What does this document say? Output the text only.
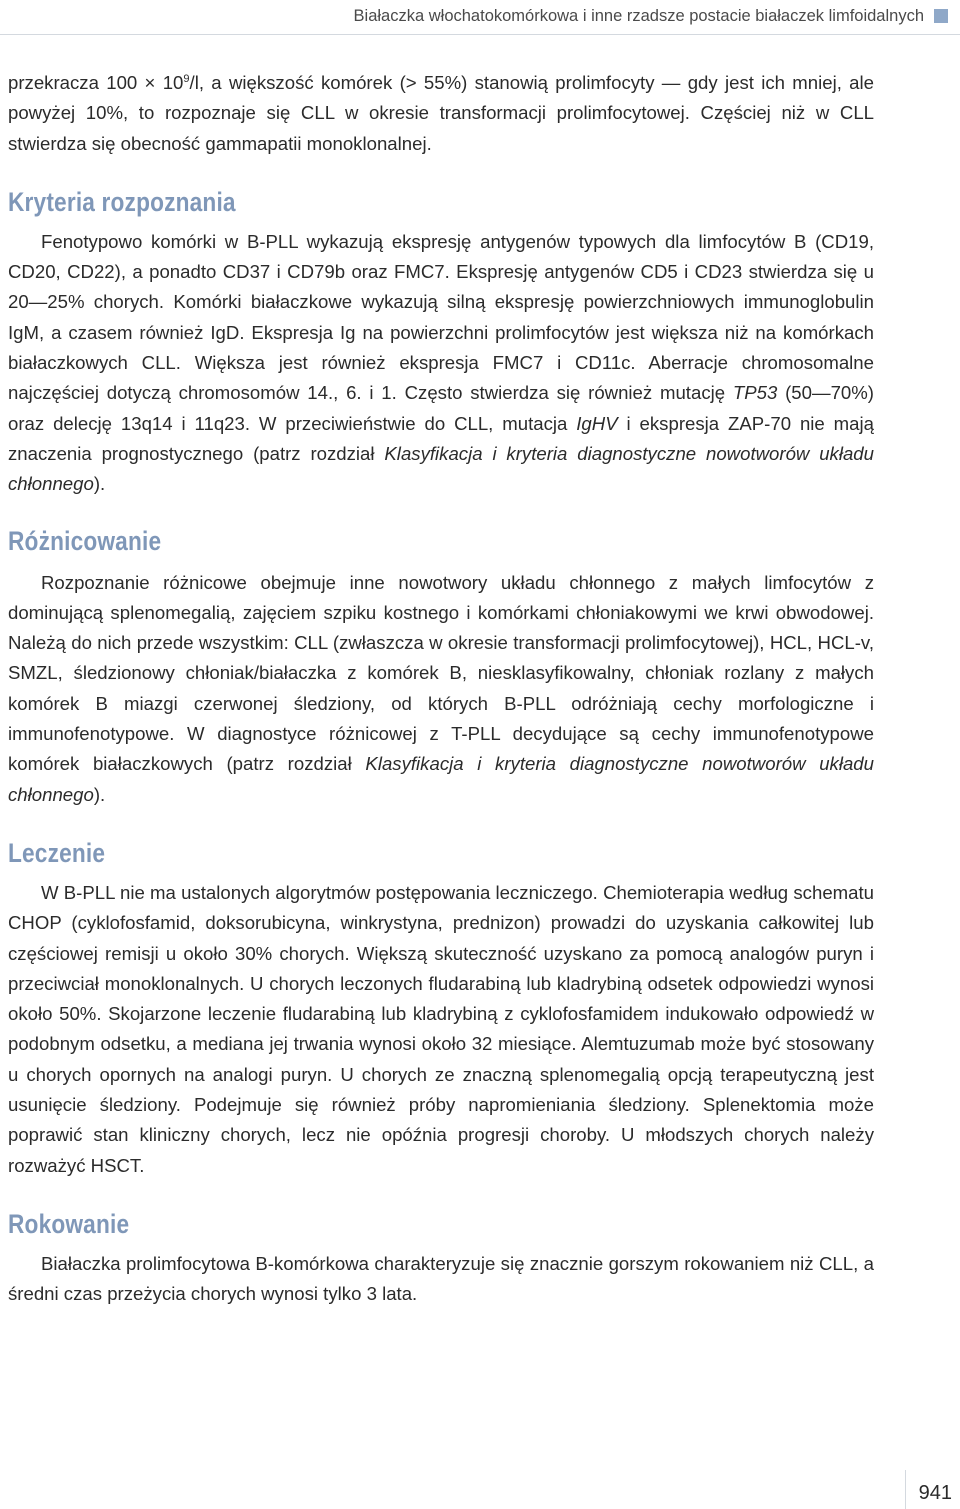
Białaczka włochatokomórkowa i inne rzadsze postacie białaczek limfoidalnych

przekracza $100 \times 10^9/l$, a większość komórek (> 55%) stanowią prolimfocyty — gdy jest ich mniej, ale powyżej 10%, to rozpoznaje się CLL w okresie transformacji prolimfocytowej. Częściej niż w CLL stwierdza się obecność gammapatii monoklonalnej.

Kryteria rozpoznania

Fenotypowo komórki w B-PLL wykazują ekspresję antygenów typowych dla limfocytów B (CD19, CD20, CD22), a ponadto CD37 i CD79b oraz FMC7. Ekspresję antygenów CD5 i CD23 stwierdza się u 20—25% chorych. Komórki białaczkowe wykazują silną ekspresję powierzchniowych immunoglobulin IgM, a czasem również IgD. Ekspresja Ig na powierzchni prolimfocytów jest większa niż na komórkach białaczkowych CLL. Większa jest również ekspresja FMC7 i CD11c. Aberracje chromosomalne najczęściej dotyczą chromosomów 14., 6. i 1. Często stwierdza się również mutację TP53 (50—70%) oraz delecję 13q14 i 11q23. W przeciwieństwie do CLL, mutacja IgHV i ekspresja ZAP-70 nie mają znaczenia prognostycznego (patrz rozdział Klasyfikacja i kryteria diagnostyczne nowotworów układu chłonnego).

Różnicowanie

Rozpoznanie różnicowe obejmuje inne nowotwory układu chłonnego z małych limfocytów z dominującą splenomegalią, zajęciem szpiku kostnego i komórkami chłoniakowymi we krwi obwodowej. Należą do nich przede wszystkim: CLL (zwłaszcza w okresie transformacji prolimfocytowej), HCL, HCL-v, SMZL, śledzionowy chłoniak/białaczka z komórek B, niesklasyfikowalny, chłoniak rozlany z małych komórek B miazgi czerwonej śledziony, od których B-PLL odróżniają cechy morfologiczne i immunofenotypowe. W diagnostyce różnicowej z T-PLL decydujące są cechy immunofenotypowe komórek białaczkowych (patrz rozdział Klasyfikacja i kryteria diagnostyczne nowotworów układu chłonnego).

Leczenie

W B-PLL nie ma ustalonych algorytmów postępowania leczniczego. Chemioterapia według schematu CHOP (cyklofosfamid, doksorubicyna, winkrystyna, prednizon) prowadzi do uzyskania całkowitej lub częściowej remisji u około 30% chorych. Większą skuteczność uzyskano za pomocą analogów puryn i przeciwciał monoklonalnych. U chorych leczonych fludarabiną lub kladrybiną odsetek odpowiedzi wynosi około 50%. Skojarzone leczenie fludarabiną lub kladrybiną z cyklofosfamidem indukowało odpowiedź w podobnym odsetku, a mediana jej trwania wynosi około 32 miesiące. Alemtuzumab może być stosowany u chorych opornych na analogi puryn. U chorych ze znaczną splenomegalią opcją terapeutyczną jest usunięcie śledziony. Podejmuje się również próby napromieniania śledziony. Splenektomia może poprawić stan kliniczny chorych, lecz nie opóźnia progresji choroby. U młodszych chorych należy rozważyć HSCT.

Rokowanie

Białaczka prolimfocytowa B-komórkowa charakteryzuje się znacznie gorszym rokowaniem niż CLL, a średni czas przeżycia chorych wynosi tylko 3 lata.

941
